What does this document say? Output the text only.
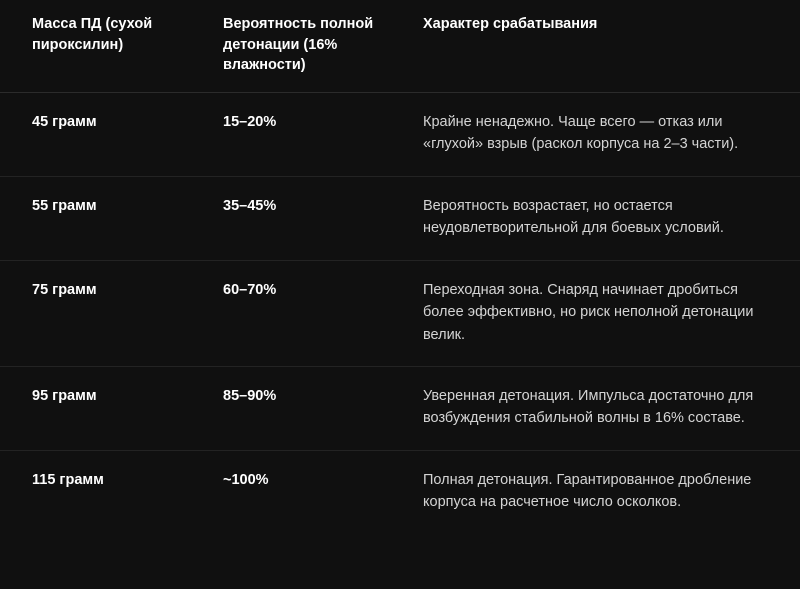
Масса ПД (сухой пироксилин)	Вероятность полной детонации (16% влажности)	Характер срабатывания
45 грамм	15–20%	Крайне ненадежно. Чаще всего — отказ или «глухой» взрыв (раскол корпуса на 2–3 части).
55 грамм	35–45%	Вероятность возрастает, но остается неудовлетворительной для боевых условий.
75 грамм	60–70%	Переходная зона. Снаряд начинает дробиться более эффективно, но риск неполной детонации велик.
95 грамм	85–90%	Уверенная детонация. Импульса достаточно для возбуждения стабильной волны в 16% составе.
115 грамм	~100%	Полная детонация. Гарантированное дробление корпуса на расчетное число осколков.
